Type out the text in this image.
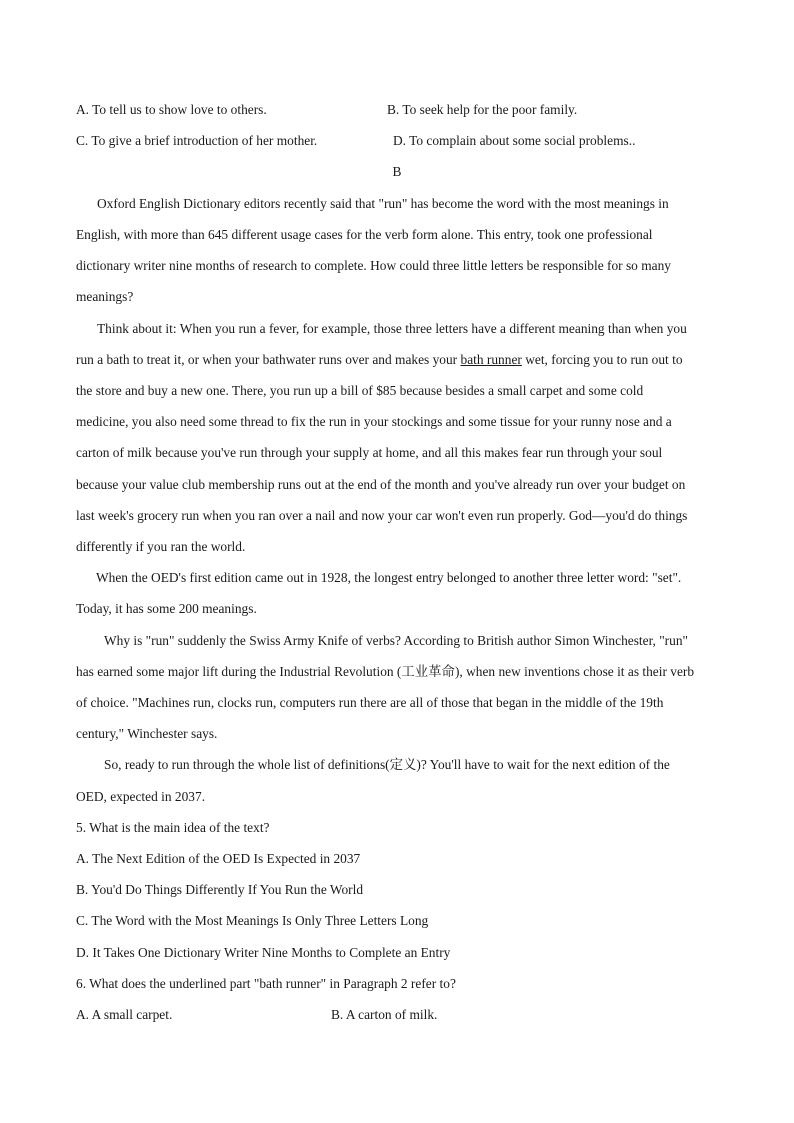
A. To tell us to show love to others.	B. To seek help for the poor family.
C. To give a brief introduction of her mother.	D. To complain about some social problems..
B
Oxford English Dictionary editors recently said that "run" has become the word with the most meanings in
English, with more than 645 different usage cases for the verb form alone. This entry, took one professional
dictionary writer nine months of research to complete. How could three little letters be responsible for so many
meanings?
Think about it: When you run a fever, for example, those three letters have a different meaning than when you
run a bath to treat it, or when your bathwater runs over and makes your bath runner wet, forcing you to run out to
the store and buy a new one. There, you run up a bill of $85 because besides a small carpet and some cold
medicine, you also need some thread to fix the run in your stockings and some tissue for your runny nose and a
carton of milk because you've run through your supply at home, and all this makes fear run through your soul
because your value club membership runs out at the end of the month and you've already run over your budget on
last week's grocery run when you ran over a nail and now your car won't even run properly. God—you'd do things
differently if you ran the world.
When the OED's first edition came out in 1928, the longest entry belonged to another three letter word: "set".
Today, it has some 200 meanings.
Why is "run" suddenly the Swiss Army Knife of verbs? According to British author Simon Winchester, "run"
has earned some major lift during the Industrial Revolution (工业革命), when new inventions chose it as their verb
of choice. "Machines run, clocks run, computers run there are all of those that began in the middle of the 19th
century," Winchester says.
So, ready to run through the whole list of definitions(定义)? You'll have to wait for the next edition of the
OED, expected in 2037.
5. What is the main idea of the text?
A. The Next Edition of the OED Is Expected in 2037
B. You'd Do Things Differently If You Run the World
C. The Word with the Most Meanings Is Only Three Letters Long
D. It Takes One Dictionary Writer Nine Months to Complete an Entry
6. What does the underlined part "bath runner" in Paragraph 2 refer to?
A. A small carpet.	B. A carton of milk.
